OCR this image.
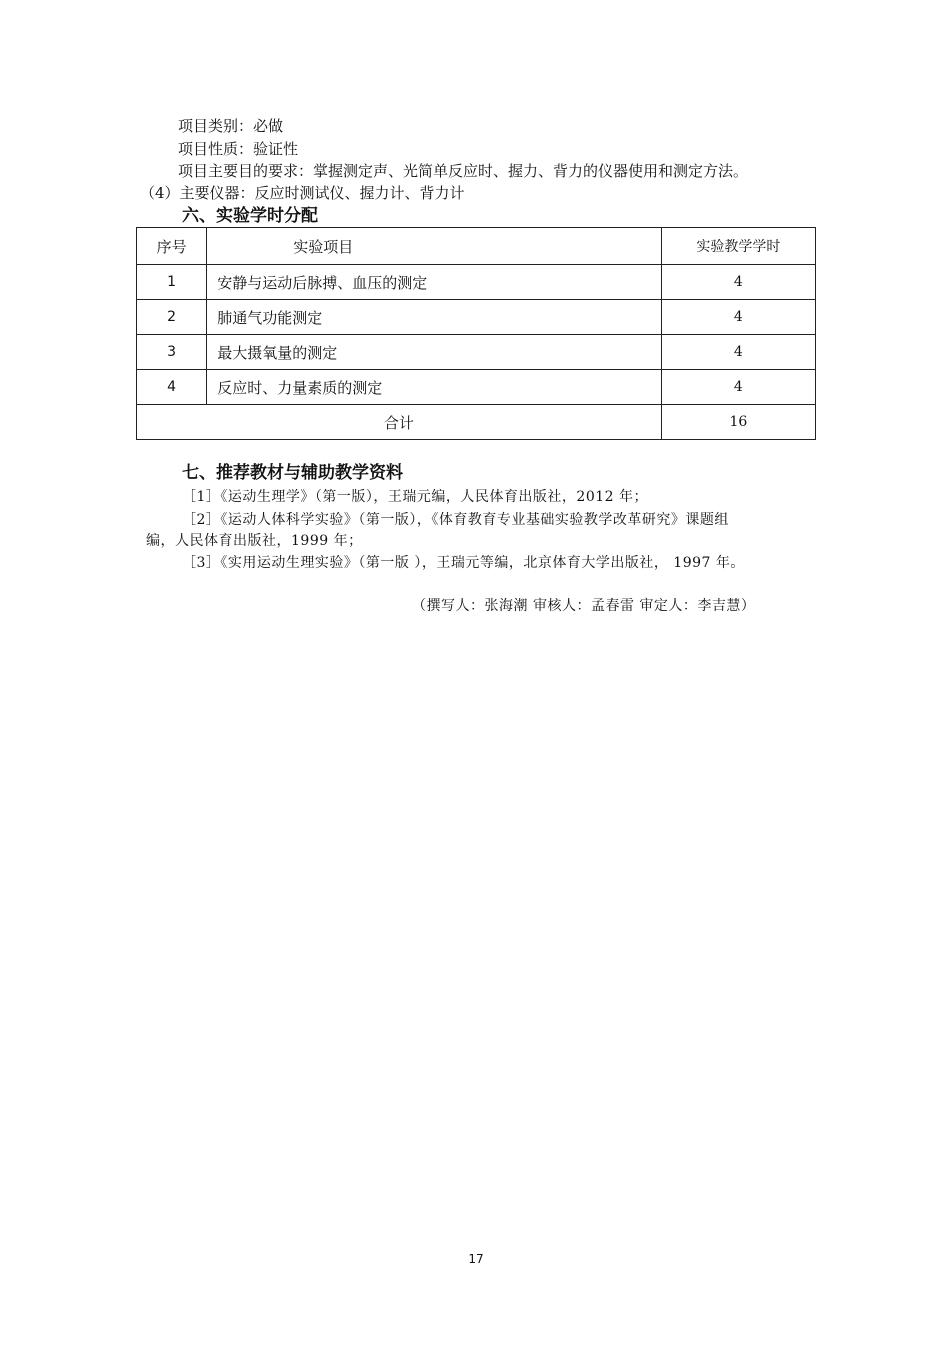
项目类别：必做
项目性质：验证性
项目主要目的要求：掌握测定声、光简单反应时、握力、背力的仪器使用和测定方法。
（4）主要仪器：反应时测试仪、握力计、背力计
六、实验学时分配
序号	实验项目	实验教学学时
1	安静与运动后脉搏、血压的测定	4
2	肺通气功能测定	4
3	最大摄氧量的测定	4
4	反应时、力量素质的测定	4
合计		16
七、推荐教材与辅助教学资料
［1］《运动生理学》（第一版），王瑞元编，人民体育出版社，2012 年；
［2］《运动人体科学实验》（第一版），《体育教育专业基础实验教学改革研究》课题组
编，人民体育出版社，1999 年；
［3］《实用运动生理实验》（第一版 ），王瑞元等编，北京体育大学出版社， 1997 年。
（撰写人：张海潮 审核人：孟春雷 审定人：李吉慧）
17
